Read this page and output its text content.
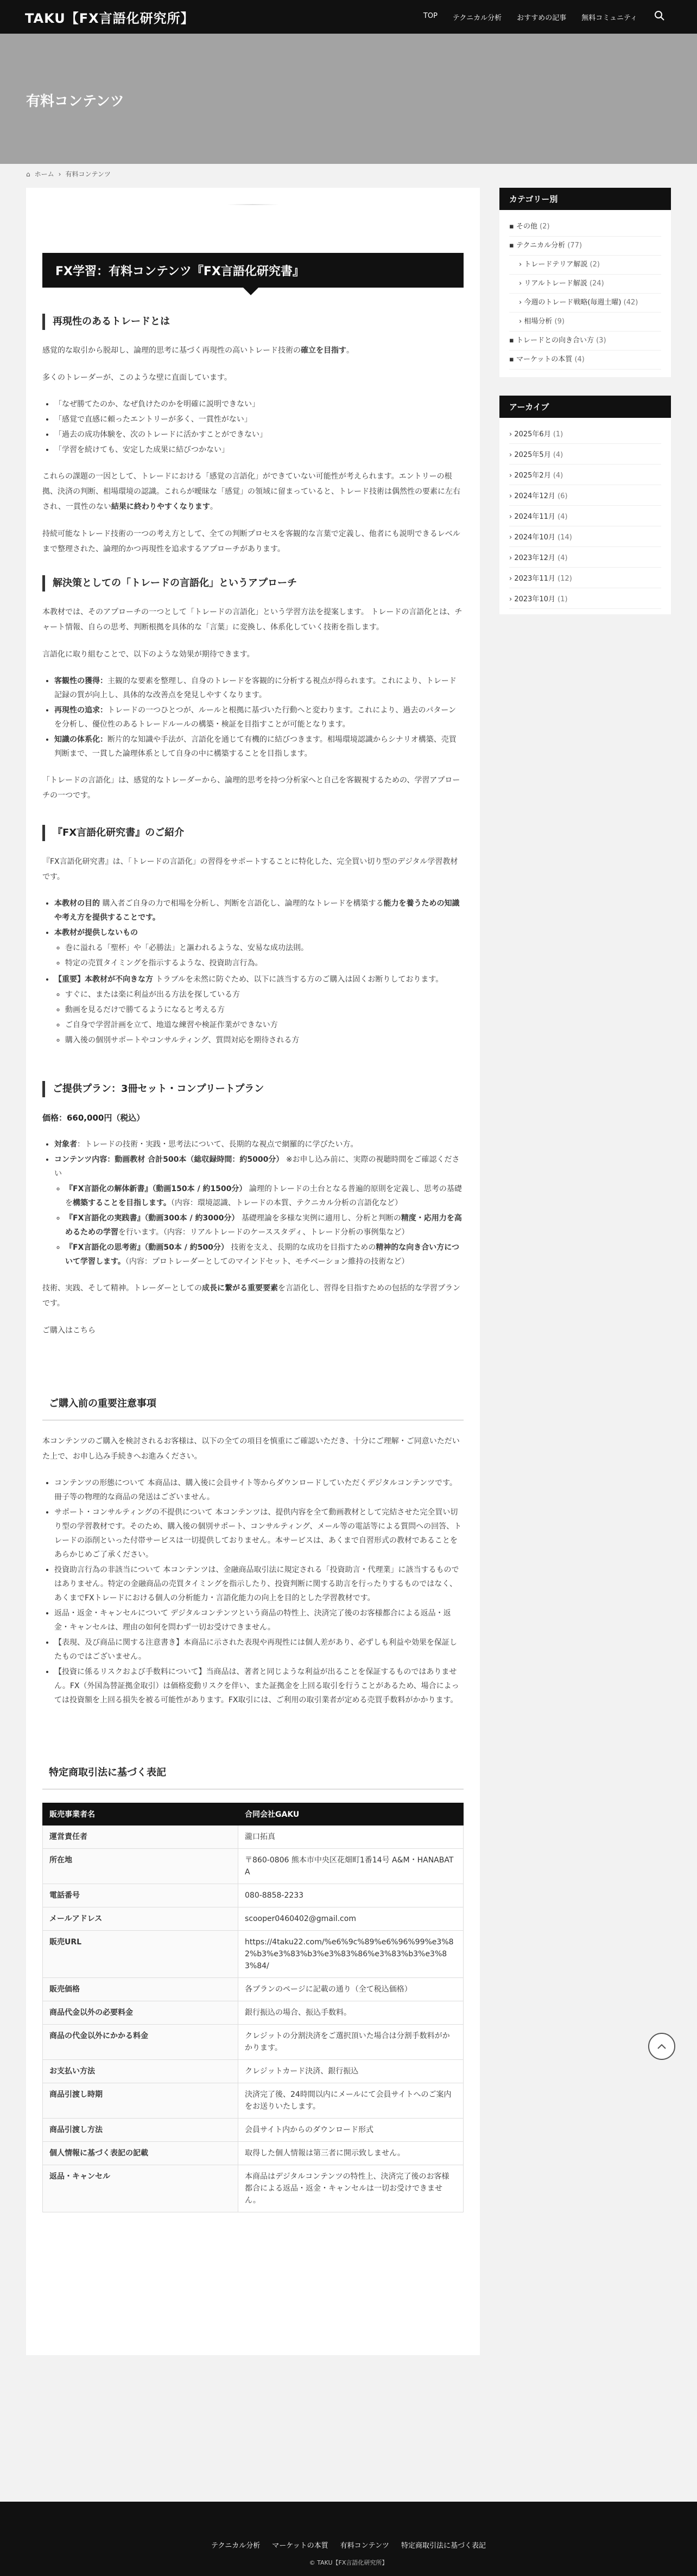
TAKU【FX言語化研究所】	TOP テクニカル分析 おすすめの記事 無料コミュニティ
有料コンテンツ
⌂ ホーム › 有料コンテンツ
FX学習：有料コンテンツ『FX言語化研究書』
再現性のあるトレードとは

感覚的な取引から脱却し、論理的思考に基づく再現性の高いトレード技術の確立を目指す。

多くのトレーダーが、このような壁に直面しています。

• 「なぜ勝てたのか、なぜ負けたのかを明確に説明できない」
• 「感覚で直感に頼ったエントリーが多く、一貫性がない」
• 「過去の成功体験を、次のトレードに活かすことができない」
• 「学習を続けても、安定した成果に結びつかない」

これらの課題の一因として、トレードにおける「感覚の言語化」ができていない可能性が考えられます。エントリーの根拠、決済の判断、相場環境の認識。これらが曖昧な「感覚」の領域に留まっていると、トレード技術は偶然性の要素に左右され、一貫性のない結果に終わりやすくなります。

持続可能なトレード技術の一つの考え方として、全ての判断プロセスを客観的な言葉で定義し、他者にも説明できるレベルまで整理された、論理的かつ再現性を追求するアプローチがあります。

解決策としての「トレードの言語化」というアプローチ

本教材では、そのアプローチの一つとして「トレードの言語化」という学習方法を提案します。 トレードの言語化とは、チャート情報、自らの思考、判断根拠を具体的な「言葉」に変換し、体系化していく技術を指します。

言語化に取り組むことで、以下のような効果が期待できます。

• 客観性の獲得：主観的な要素を整理し、自身のトレードを客観的に分析する視点が得られます。これにより、トレード記録の質が向上し、具体的な改善点を発見しやすくなります。
• 再現性の追求：トレードの一つひとつが、ルールと根拠に基づいた行動へと変わります。これにより、過去のパターンを分析し、優位性のあるトレードルールの構築・検証を目指すことが可能となります。
• 知識の体系化：断片的な知識や手法が、言語化を通じて有機的に結びつきます。相場環境認識からシナリオ構築、売買判断まで、一貫した論理体系として自身の中に構築することを目指します。

「トレードの言語化」は、感覚的なトレーダーから、論理的思考を持つ分析家へと自己を客観視するための、学習アプローチの一つです。

『FX言語化研究書』のご紹介

『FX言語化研究書』は、「トレードの言語化」の習得をサポートすることに特化した、完全買い切り型のデジタル学習教材です。

• 本教材の目的 購入者ご自身の力で相場を分析し、判断を言語化し、論理的なトレードを構築する能力を養うための知識や考え方を提供することです。
• 本教材が提供しないもの
◦ 巻に溢れる「聖杯」や「必勝法」と謳われるような、安易な成功法則。
◦ 特定の売買タイミングを指示するような、投資助言行為。
• 【重要】本教材が不向きな方 トラブルを未然に防ぐため、以下に該当する方のご購入は固くお断りしております。
◦ すぐに、または楽に利益が出る方法を探している方
◦ 動画を見るだけで勝てるようになると考える方
◦ ご自身で学習計画を立て、地道な練習や検証作業ができない方
◦ 購入後の個別サポートやコンサルティング、質問対応を期待される方
ご提供プラン：3冊セット・コンプリートプラン

価格：660,000円（税込）

• 対象者：トレードの技術・実践・思考法について、長期的な視点で網羅的に学びたい方。
• コンテンツ内容：動画教材 合計500本（総収録時間：約5000分） ※お申し込み前に、実際の視聴時間をご確認ください
◦ 『FX言語化の解体新書』（動画150本 / 約1500分） 論理的トレードの土台となる普遍的原則を定義し、思考の基礎を構築することを目指します。（内容：環境認識、トレードの本質、テクニカル分析の言語化など）
◦ 『FX言語化の実践書』（動画300本 / 約3000分） 基礎理論を多様な実例に適用し、分析と判断の精度・応用力を高めるための学習を行います。（内容：リアルトレードのケーススタディ、トレード分析の事例集など）
◦ 『FX言語化の思考術』（動画50本 / 約500分） 技術を支え、長期的な成功を目指すための精神的な向き合い方について学習します。（内容：プロトレーダーとしてのマインドセット、モチベーション維持の技術など）

技術、実践、そして精神。トレーダーとしての成長に繋がる重要要素を言語化し、習得を目指すための包括的な学習プランです。

ご購入はこちら

ご購入前の重要注意事項

本コンテンツのご購入を検討されるお客様は、以下の全ての項目を慎重にご確認いただき、十分にご理解・ご同意いただいた上で、お申し込み手続きへお進みください。

• コンテンツの形態について 本商品は、購入後に会員サイト等からダウンロードしていただくデジタルコンテンツです。冊子等の物理的な商品の発送はございません。
• サポート・コンサルティングの不提供について 本コンテンツは、提供内容を全て動画教材として完結させた完全買い切り型の学習教材です。そのため、購入後の個別サポート、コンサルティング、メール等の電話等による質問への回答、トレードの添削といった付帯サービスは一切提供しておりません。本サービスは、あくまで自習形式の教材であることをあらかじめご了承ください。
• 投資助言行為の非該当について 本コンテンツは、金融商品取引法に規定される「投資助言・代理業」に該当するものではありません。特定の金融商品の売買タイミングを指示したり、投資判断に関する助言を行ったりするものではなく、あくまでFXトレードにおける個人の分析能力・言語化能力の向上を目的とした学習教材です。
• 返品・返金・キャンセルについて デジタルコンテンツという商品の特性上、決済完了後のお客様都合による返品・返金・キャンセルは、理由の如何を問わず一切お受けできません。
• 【表現、及び商品に関する注意書き】本商品に示された表現や再現性には個人差があり、必ずしも利益や効果を保証したものではございません。
• 【投資に係るリスクおよび手数料について】当商品は、著者と同じような利益が出ることを保証するものではありません。FX（外国為替証拠金取引）は価格変動リスクを伴い、また証拠金を上回る取引を行うことがあるため、場合によっては投資額を上回る損失を被る可能性があります。FX取引には、ご利用の取引業者が定める売買手数料がかかります。
特定商取引法に基づく表記
販売事業者名	合同会社GAKU
運営責任者	瀧口拓真
所在地	〒860-0806 熊本市中央区花畑町1番14号 A&M・HANABATA
電話番号	080-8858-2233
メールアドレス	scooper0460402@gmail.com
販売URL	https://4taku22.com/%e6%9c%89%e6%96%99%e3%82%b3%e3%83%b3%e3%83%86%e3%83%b3%e3%83%84/
販売価格	各プランのページに記載の通り（全て税込価格）
商品代金以外の必要料金	銀行振込の場合、振込手数料。
商品の代金以外にかかる料金	クレジットの分割決済をご選択頂いた場合は分割手数料がかかります。
お支払い方法	クレジットカード決済、銀行振込
商品引渡し時期	決済完了後、24時間以内にメールにて会員サイトへのご案内をお送りいたします。
商品引渡し方法	会員サイト内からのダウンロード形式
個人情報に基づく表記の記載	取得した個人情報は第三者に開示致しません。
返品・キャンセル	本商品はデジタルコンテンツの特性上、決済完了後のお客様都合による返品・返金・キャンセルは一切お受けできません。
カテゴリー別
▪ その他 (2)
▪ テクニカル分析 (77)
› トレードテリア解説 (2)
› リアルトレード解説 (24)
› 今週のトレード戦略(毎週土曜) (42)
› 相場分析 (9)
▪ トレードとの向き合い方 (3)
▪ マーケットの本質 (4)
アーカイブ
› 2025年6月 (1)
› 2025年5月 (4)
› 2025年2月 (4)
› 2024年12月 (6)
› 2024年11月 (4)
› 2024年10月 (14)
› 2023年12月 (4)
› 2023年11月 (12)
› 2023年10月 (1)
テクニカル分析 マーケットの本質 有料コンテンツ 特定商取引法に基づく表記
© TAKU【FX言語化研究所】
